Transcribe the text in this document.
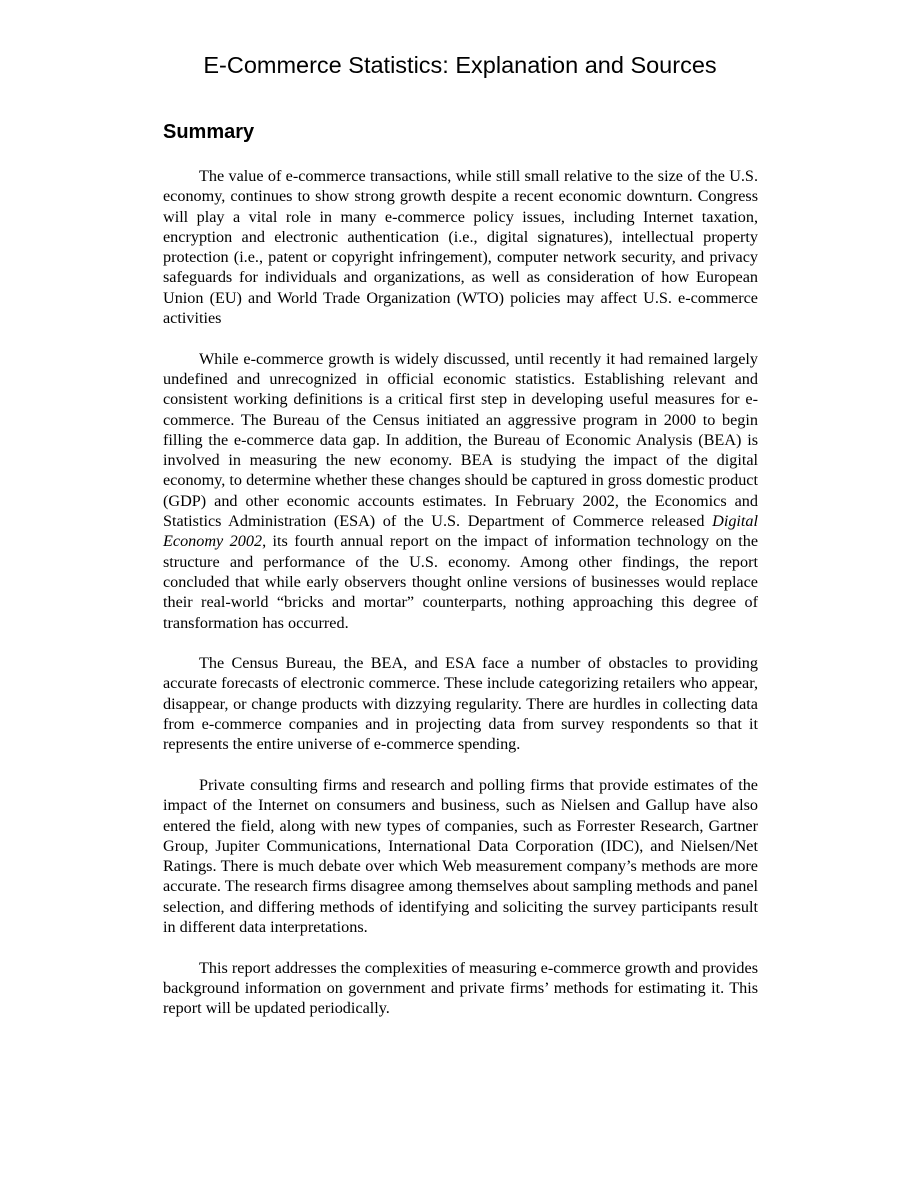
E-Commerce Statistics: Explanation and Sources
Summary

The value of e-commerce transactions, while still small relative to the size of the U.S. economy, continues to show strong growth despite a recent economic downturn. Congress will play a vital role in many e-commerce policy issues, including Internet taxation, encryption and electronic authentication (i.e., digital signatures), intellectual property protection (i.e., patent or copyright infringement), computer network security, and privacy safeguards for individuals and organizations, as well as consideration of how European Union (EU) and World Trade Organization (WTO) policies may affect U.S. e-commerce activities

While e-commerce growth is widely discussed, until recently it had remained largely undefined and unrecognized in official economic statistics. Establishing relevant and consistent working definitions is a critical first step in developing useful measures for e-commerce. The Bureau of the Census initiated an aggressive program in 2000 to begin filling the e-commerce data gap. In addition, the Bureau of Economic Analysis (BEA) is involved in measuring the new economy. BEA is studying the impact of the digital economy, to determine whether these changes should be captured in gross domestic product (GDP) and other economic accounts estimates. In February 2002, the Economics and Statistics Administration (ESA) of the U.S. Department of Commerce released Digital Economy 2002, its fourth annual report on the impact of information technology on the structure and performance of the U.S. economy. Among other findings, the report concluded that while early observers thought online versions of businesses would replace their real-world “bricks and mortar” counterparts, nothing approaching this degree of transformation has occurred.

The Census Bureau, the BEA, and ESA face a number of obstacles to providing accurate forecasts of electronic commerce. These include categorizing retailers who appear, disappear, or change products with dizzying regularity. There are hurdles in collecting data from e-commerce companies and in projecting data from survey respondents so that it represents the entire universe of e-commerce spending.

Private consulting firms and research and polling firms that provide estimates of the impact of the Internet on consumers and business, such as Nielsen and Gallup have also entered the field, along with new types of companies, such as Forrester Research, Gartner Group, Jupiter Communications, International Data Corporation (IDC), and Nielsen/Net Ratings. There is much debate over which Web measurement company’s methods are more accurate. The research firms disagree among themselves about sampling methods and panel selection, and differing methods of identifying and soliciting the survey participants result in different data interpretations.

This report addresses the complexities of measuring e-commerce growth and provides background information on government and private firms’ methods for estimating it. This report will be updated periodically.
